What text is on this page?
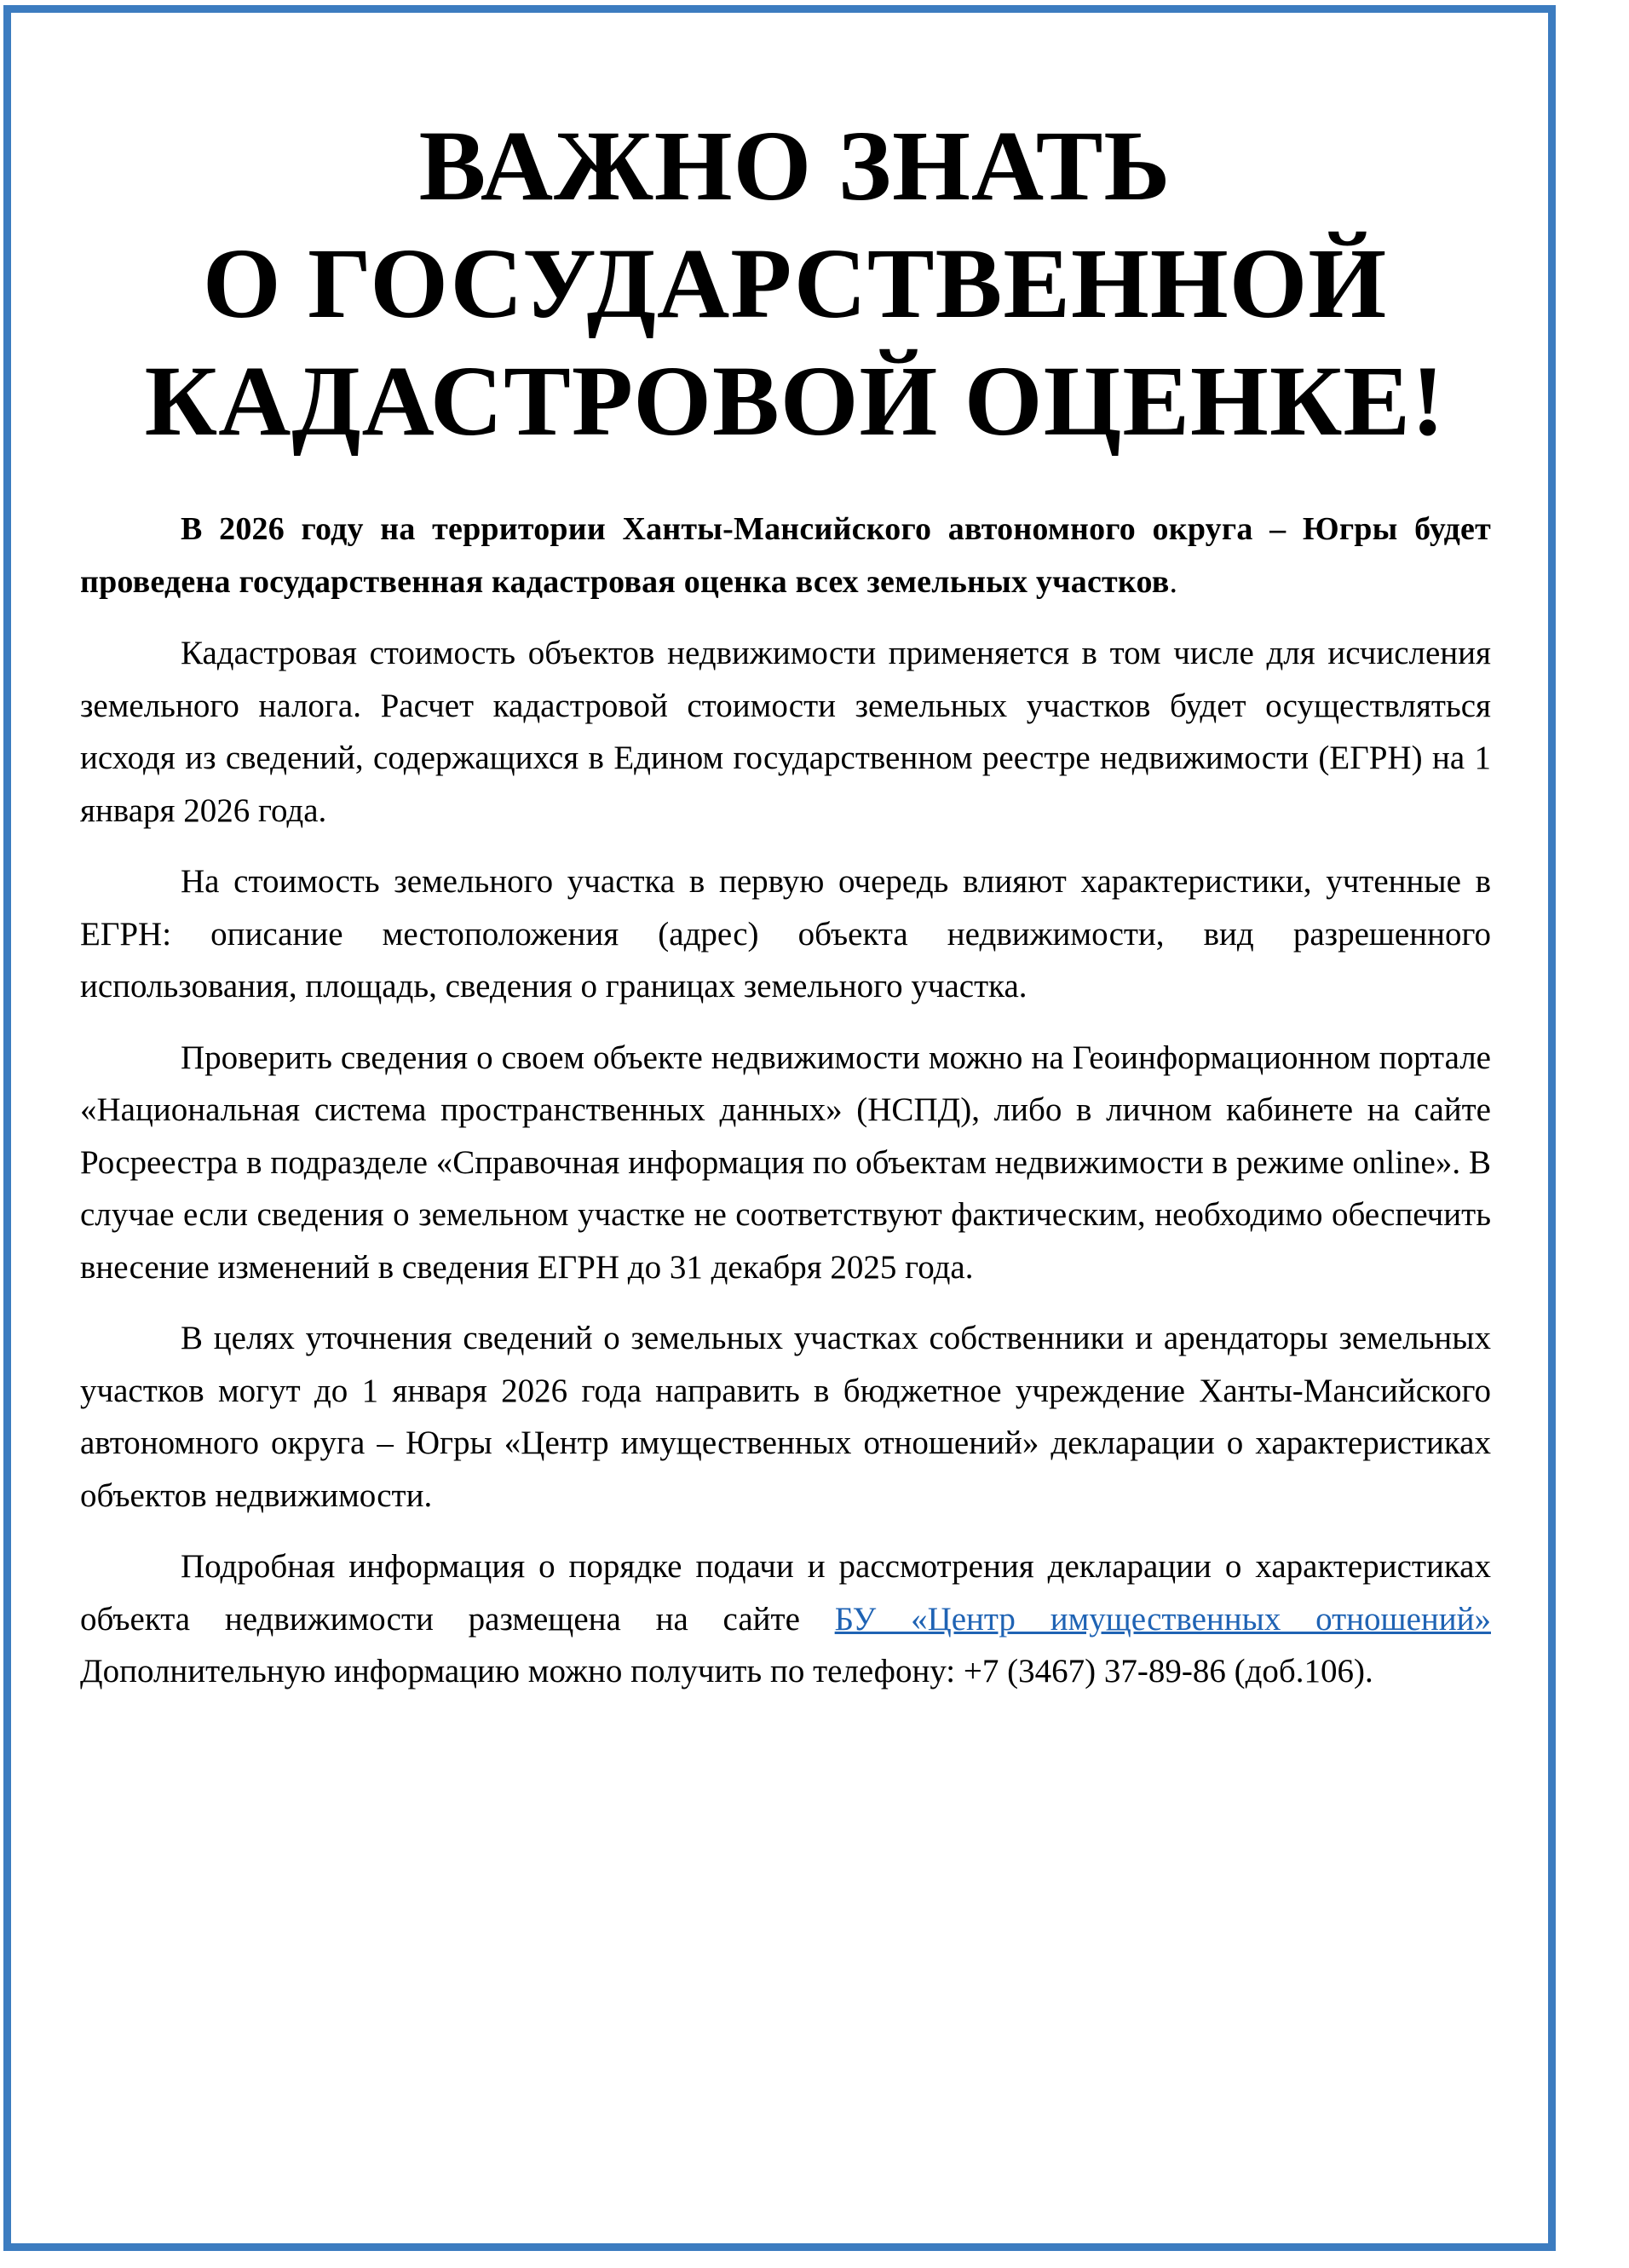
ВАЖНО ЗНАТЬ
О ГОСУДАРСТВЕННОЙ
КАДАСТРОВОЙ ОЦЕНКЕ!

В 2026 году на территории Ханты-Мансийского автономного округа – Югры будет проведена государственная кадастровая оценка всех земельных участков.

Кадастровая стоимость объектов недвижимости применяется в том числе для исчисления земельного налога. Расчет кадастровой стоимости земельных участков будет осуществляться исходя из сведений, содержащихся в Едином государственном реестре недвижимости (ЕГРН) на 1 января 2026 года.

На стоимость земельного участка в первую очередь влияют характеристики, учтенные в ЕГРН: описание местоположения (адрес) объекта недвижимости, вид разрешенного использования, площадь, сведения о границах земельного участка.

Проверить сведения о своем объекте недвижимости можно на Геоинформационном портале «Национальная система пространственных данных» (НСПД), либо в личном кабинете на сайте Росреестра в подразделе «Справочная информация по объектам недвижимости в режиме online». В случае если сведения о земельном участке не соответствуют фактическим, необходимо обеспечить внесение изменений в сведения ЕГРН до 31 декабря 2025 года.

В целях уточнения сведений о земельных участках собственники и арендаторы земельных участков могут до 1 января 2026 года направить в бюджетное учреждение Ханты-Мансийского автономного округа – Югры «Центр имущественных отношений» декларации о характеристиках объектов недвижимости.

Подробная информация о порядке подачи и рассмотрения декларации о характеристиках объекта недвижимости размещена на сайте БУ «Центр имущественных отношений» Дополнительную информацию можно получить по телефону: +7 (3467) 37-89-86 (доб.106).
